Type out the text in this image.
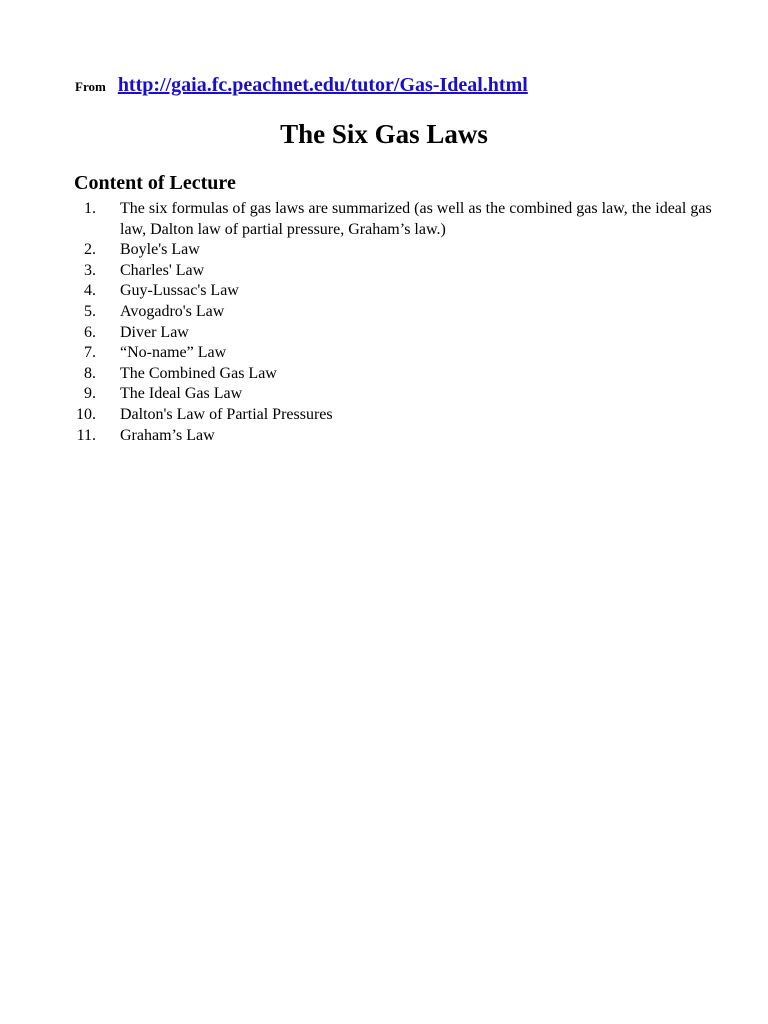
From http://gaia.fc.peachnet.edu/tutor/Gas-Ideal.html
The Six Gas Laws
Content of Lecture
1. The six formulas of gas laws are summarized (as well as the combined gas law, the ideal gas law, Dalton law of partial pressure, Graham’s law.)
2. Boyle's Law
3. Charles' Law
4. Guy-Lussac's Law
5. Avogadro's Law
6. Diver Law
7. “No-name” Law
8. The Combined Gas Law
9. The Ideal Gas Law
10. Dalton's Law of Partial Pressures
11. Graham’s Law
